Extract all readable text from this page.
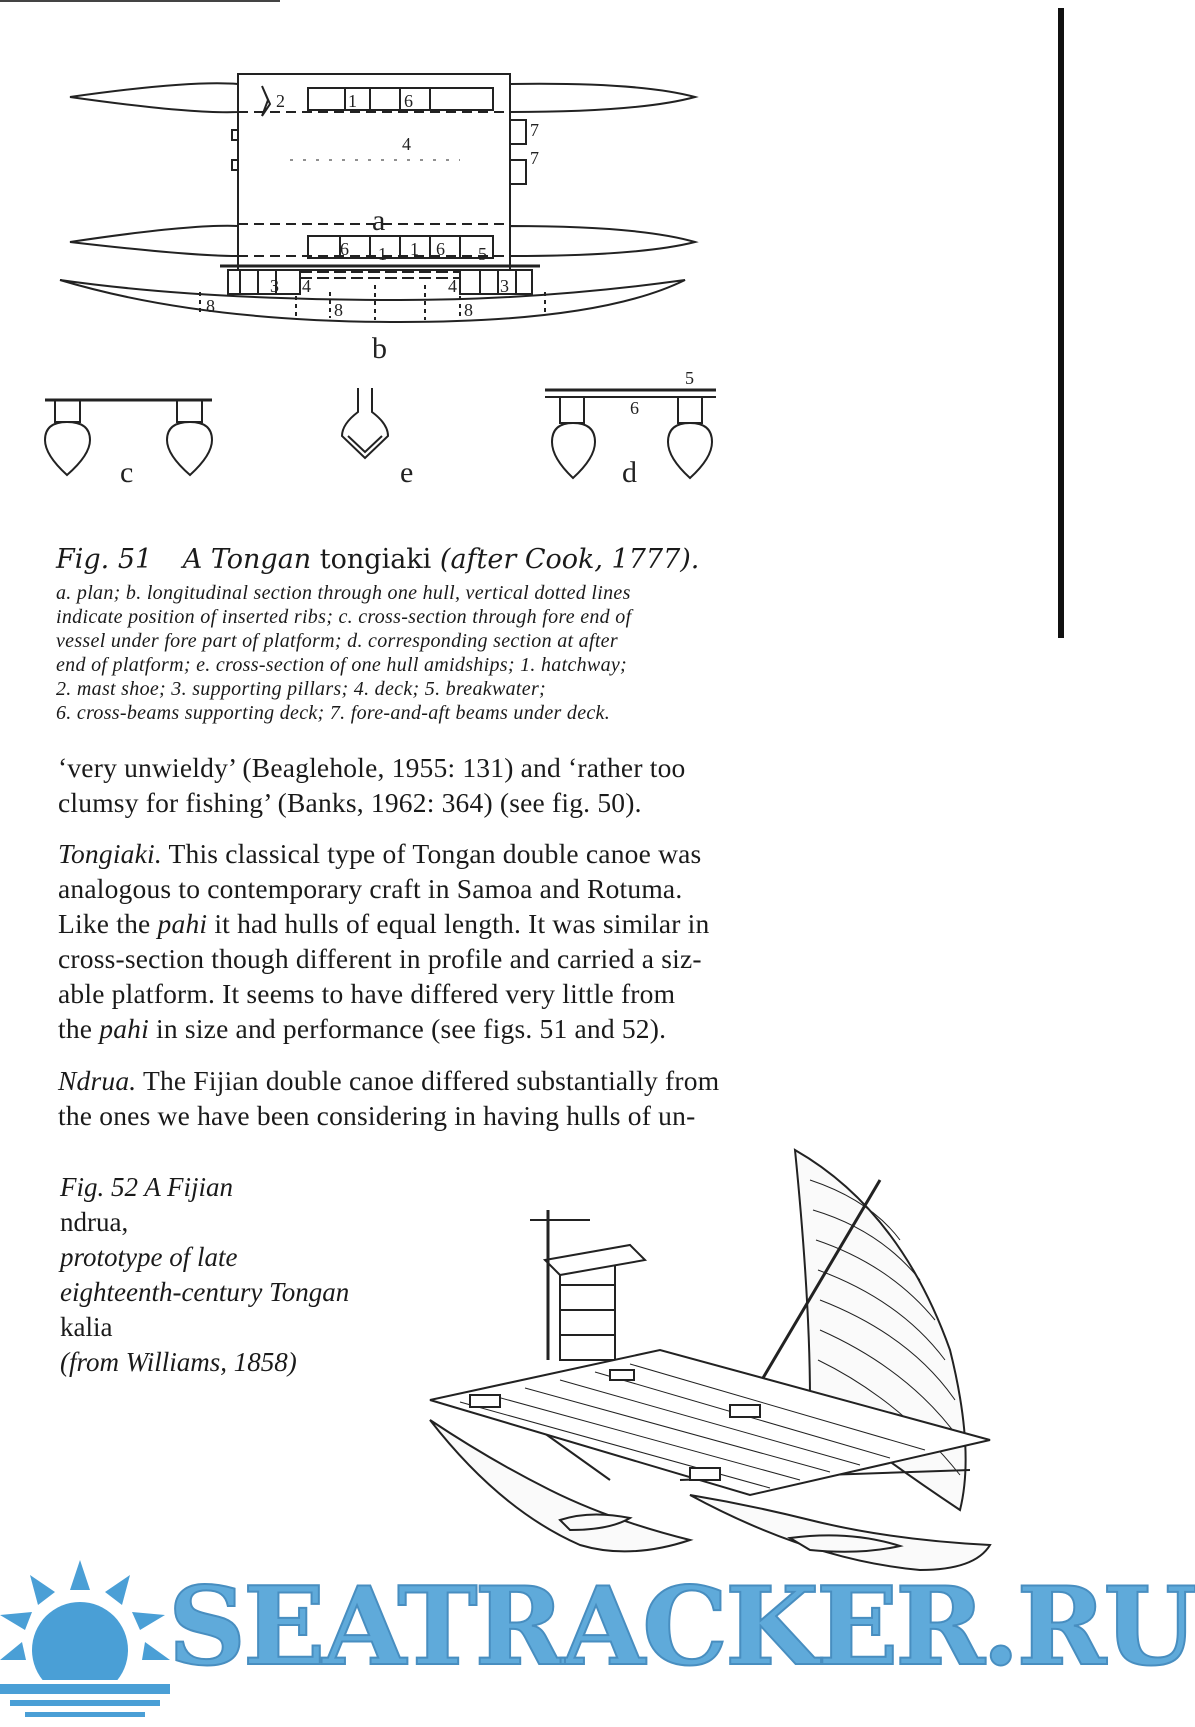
2	1	6
4
7
7
6	1 6
a
1	5
3 4	4 3
8	8	8
b
5
6
c	e	d

Fig. 51 A Tongan tongiaki (after Cook, 1777).

a. plan; b. longitudinal section through one hull, vertical dotted lines
indicate position of inserted ribs; c. cross-section through fore end of
vessel under fore part of platform; d. corresponding section at after
end of platform; e. cross-section of one hull amidships; 1. hatchway;
2. mast shoe; 3. supporting pillars; 4. deck; 5. breakwater;
6. cross-beams supporting deck; 7. fore-and-aft beams under deck.

‘very unwieldy’ (Beaglehole, 1955: 131) and ‘rather too
clumsy for fishing’ (Banks, 1962: 364) (see fig. 50).

Tongiaki. This classical type of Tongan double canoe was
analogous to contemporary craft in Samoa and Rotuma.
Like the pahi it had hulls of equal length. It was similar in
cross-section though different in profile and carried a siz-
able platform. It seems to have differed very little from
the pahi in size and performance (see figs. 51 and 52).

Ndrua. The Fijian double canoe differed substantially from
the ones we have been considering in having hulls of un-

Fig. 52 A Fijian
ndrua,
prototype of late
eighteenth-century Tongan
kalia
(from Williams, 1858)
SEATRACKER.RU
